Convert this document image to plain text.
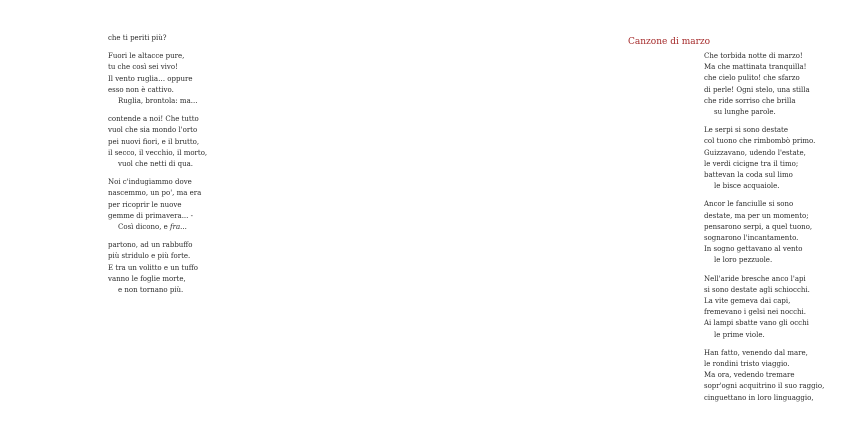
che ti periti più?
Fuori le altacce pure,
tu che così sei vivo!
Il vento ruglia… oppure
esso non è cattivo.
Ruglia, brontola: ma...
contende a noi! Che tutto
vuol che sia mondo l'orto
pei nuovi fiori, e il brutto,
il secco, il vecchio, il morto,
vuol che netti di qua.
Noi c'indugiammo dove
nascemmo, un po', ma era
per ricoprir le nuove
gemme di primavera... -
Così dicono, e fra...
partono, ad un rabbuffo
più stridulo e più forte.
E tra un volitto e un tuffo
vanno le foglie morte,
e non tornano più.
Canzone di marzo
Che torbida notte di marzo!
Ma che mattinata tranquilla!
che cielo pulito! che sfarzo
di perle! Ogni stelo, una stilla
che ride sorriso che brilla
su lunghe parole.
Le serpi si sono destate
col tuono che rimbombò primo.
Guizzavano, udendo l'estate,
le verdi cicigne tra il timo;
battevan la coda sul limo
le bisce acquaiole.
Ancor le fanciulle si sono
destate, ma per un momento;
pensarono serpi, a quel tuono,
sognarono l'incantamento.
In sogno gettavano al vento
le loro pezzuole.
Nell'aride bresche anco l'api
si sono destate agli schiocchi.
La vite gemeva dai capi,
fremevano i gelsi nei nocchi.
Ai lampi sbatte vano gli occhi
le prime viole.
Han fatto, venendo dal mare,
le rondini tristo viaggio.
Ma ora, vedendo tremare
sopr'ogni acquitrino il suo raggio,
cinguettano in loro linguaggio,
